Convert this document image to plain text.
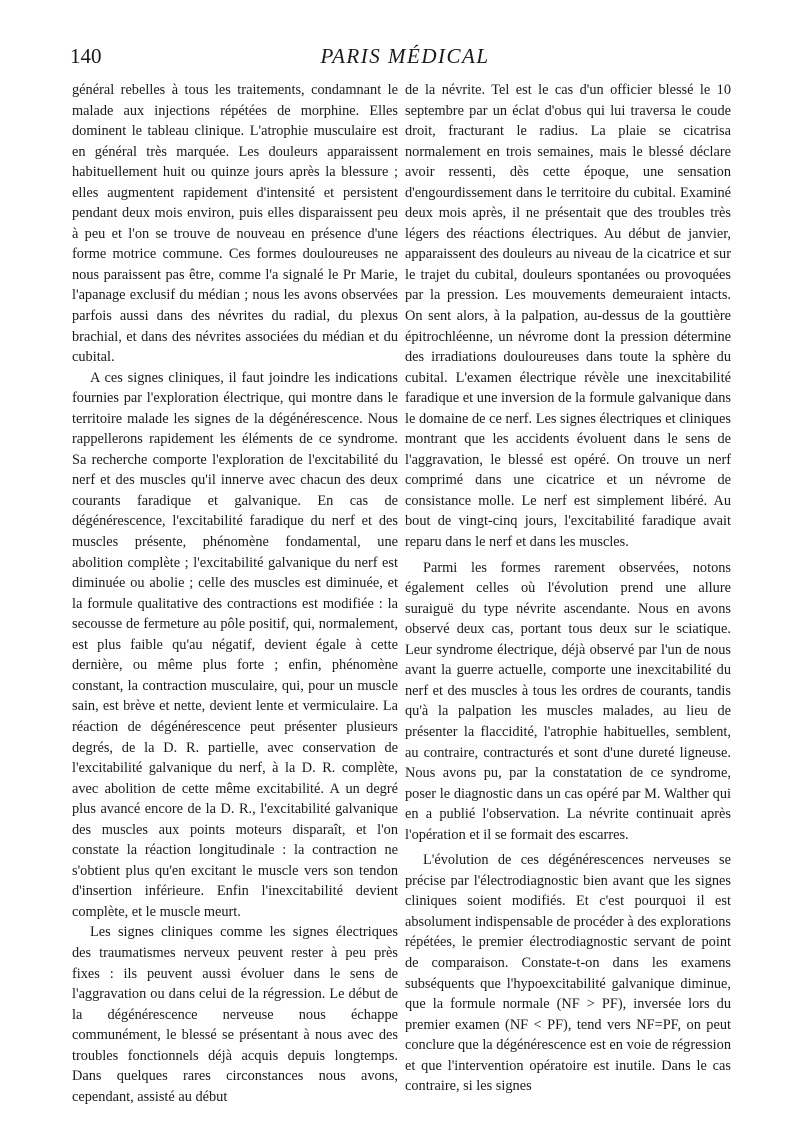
140	PARIS MÉDICAL

général rebelles à tous les traitements, condamnant le malade aux injections répétées de morphine. Elles dominent le tableau clinique. L'atrophie musculaire est en général très marquée. Les douleurs apparaissent habituellement huit ou quinze jours après la blessure ; elles augmentent rapidement d'intensité et persistent pendant deux mois environ, puis elles disparaissent peu à peu et l'on se trouve de nouveau en présence d'une forme motrice commune. Ces formes douloureuses ne nous paraissent pas être, comme l'a signalé le Pr Marie, l'apanage exclusif du médian ; nous les avons observées parfois aussi dans des névrites du radial, du plexus brachial, et dans des névrites associées du médian et du cubital.

A ces signes cliniques, il faut joindre les indications fournies par l'exploration électrique, qui montre dans le territoire malade les signes de la dégénérescence. Nous rappellerons rapidement les éléments de ce syndrome. Sa recherche comporte l'exploration de l'excitabilité du nerf et des muscles qu'il innerve avec chacun des deux courants faradique et galvanique. En cas de dégénérescence, l'excitabilité faradique du nerf et des muscles présente, phénomène fondamental, une abolition complète ; l'excitabilité galvanique du nerf est diminuée ou abolie ; celle des muscles est diminuée, et la formule qualitative des contractions est modifiée : la secousse de fermeture au pôle positif, qui, normalement, est plus faible qu'au négatif, devient égale à cette dernière, ou même plus forte ; enfin, phénomène constant, la contraction musculaire, qui, pour un muscle sain, est brève et nette, devient lente et vermiculaire. La réaction de dégénérescence peut présenter plusieurs degrés, de la D. R. partielle, avec conservation de l'excitabilité galvanique du nerf, à la D. R. complète, avec abolition de cette même excitabilité. A un degré plus avancé encore de la D. R., l'excitabilité galvanique des muscles aux points moteurs disparaît, et l'on constate la réaction longitudinale : la contraction ne s'obtient plus qu'en excitant le muscle vers son tendon d'insertion inférieure. Enfin l'inexcitabilité devient complète, et le muscle meurt.

Les signes cliniques comme les signes électriques des traumatismes nerveux peuvent rester à peu près fixes : ils peuvent aussi évoluer dans le sens de l'aggravation ou dans celui de la régression. Le début de la dégénérescence nerveuse nous échappe communément, le blessé se présentant à nous avec des troubles fonctionnels déjà acquis depuis longtemps. Dans quelques rares circonstances nous avons, cependant, assisté au début

de la névrite. Tel est le cas d'un officier blessé le 10 septembre par un éclat d'obus qui lui traversa le coude droit, fracturant le radius. La plaie se cicatrisa normalement en trois semaines, mais le blessé déclare avoir ressenti, dès cette époque, une sensation d'engourdissement dans le territoire du cubital. Examiné deux mois après, il ne présentait que des troubles très légers des réactions électriques. Au début de janvier, apparaissent des douleurs au niveau de la cicatrice et sur le trajet du cubital, douleurs spontanées ou provoquées par la pression. Les mouvements demeuraient intacts. On sent alors, à la palpation, au-dessus de la gouttière épitrochléenne, un névrome dont la pression détermine des irradiations douloureuses dans toute la sphère du cubital. L'examen électrique révèle une inexcitabilité faradique et une inversion de la formule galvanique dans le domaine de ce nerf. Les signes électriques et cliniques montrant que les accidents évoluent dans le sens de l'aggravation, le blessé est opéré. On trouve un nerf comprimé dans une cicatrice et un névrome de consistance molle. Le nerf est simplement libéré. Au bout de vingt-cinq jours, l'excitabilité faradique avait reparu dans le nerf et dans les muscles.

Parmi les formes rarement observées, notons également celles où l'évolution prend une allure suraiguë du type névrite ascendante. Nous en avons observé deux cas, portant tous deux sur le sciatique. Leur syndrome électrique, déjà observé par l'un de nous avant la guerre actuelle, comporte une inexcitabilité du nerf et des muscles à tous les ordres de courants, tandis qu'à la palpation les muscles malades, au lieu de présenter la flaccidité, l'atrophie habituelles, semblent, au contraire, contracturés et sont d'une dureté ligneuse. Nous avons pu, par la constatation de ce syndrome, poser le diagnostic dans un cas opéré par M. Walther qui en a publié l'observation. La névrite continuait après l'opération et il se formait des escarres.

L'évolution de ces dégénérescences nerveuses se précise par l'électrodiagnostic bien avant que les signes cliniques soient modifiés. Et c'est pourquoi il est absolument indispensable de procéder à des explorations répétées, le premier électrodiagnostic servant de point de comparaison. Constate-t-on dans les examens subséquents que l'hypoexcitabilité galvanique diminue, que la formule normale (NF > PF), inversée lors du premier examen (NF < PF), tend vers NF=PF, on peut conclure que la dégénérescence est en voie de régression et que l'intervention opératoire est inutile. Dans le cas contraire, si les signes
